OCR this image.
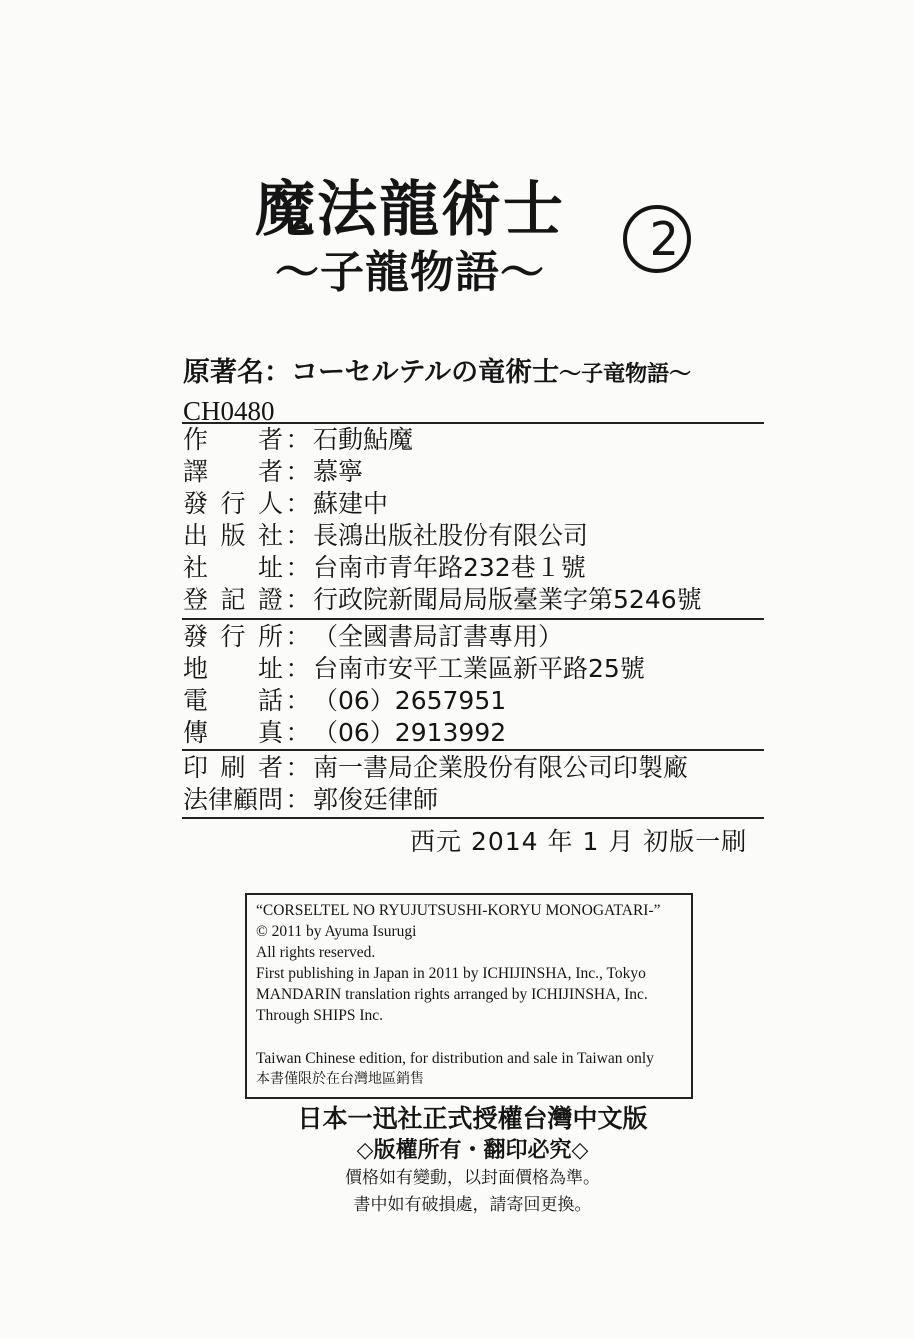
魔法龍術士	2
～子龍物語～
原著名：コーセルテルの竜術士～子竜物語～
CH0480
作 者 ： 石動鮎魔
譯 者 ： 慕寧
發 行 人 ： 蘇建中
出 版 社 ： 長鴻出版社股份有限公司
社 址 ： 台南市青年路232巷１號
登 記 證 ： 行政院新聞局局版臺業字第5246號
發 行 所 ： （全國書局訂書專用）
地 址 ： 台南市安平工業區新平路25號
電 話 ： （06）2657951
傳 真 ： （06）2913992
印 刷 者 ： 南一書局企業股份有限公司印製廠
法 律 顧 問 ： 郭俊廷律師
西元 2014 年 1 月 初版一刷
“CORSELTEL NO RYUJUTSUSHI-KORYU MONOGATARI-”
© 2011 by Ayuma Isurugi
All rights reserved.
First publishing in Japan in 2011 by ICHIJINSHA, Inc., Tokyo
MANDARIN translation rights arranged by ICHIJINSHA, Inc.
Through SHIPS Inc.
Taiwan Chinese edition, for distribution and sale in Taiwan only
本書僅限於在台灣地區銷售
日本一迅社正式授權台灣中文版
◇版權所有・翻印必究◇
價格如有變動，以封面價格為準。
書中如有破損處，請寄回更換。
